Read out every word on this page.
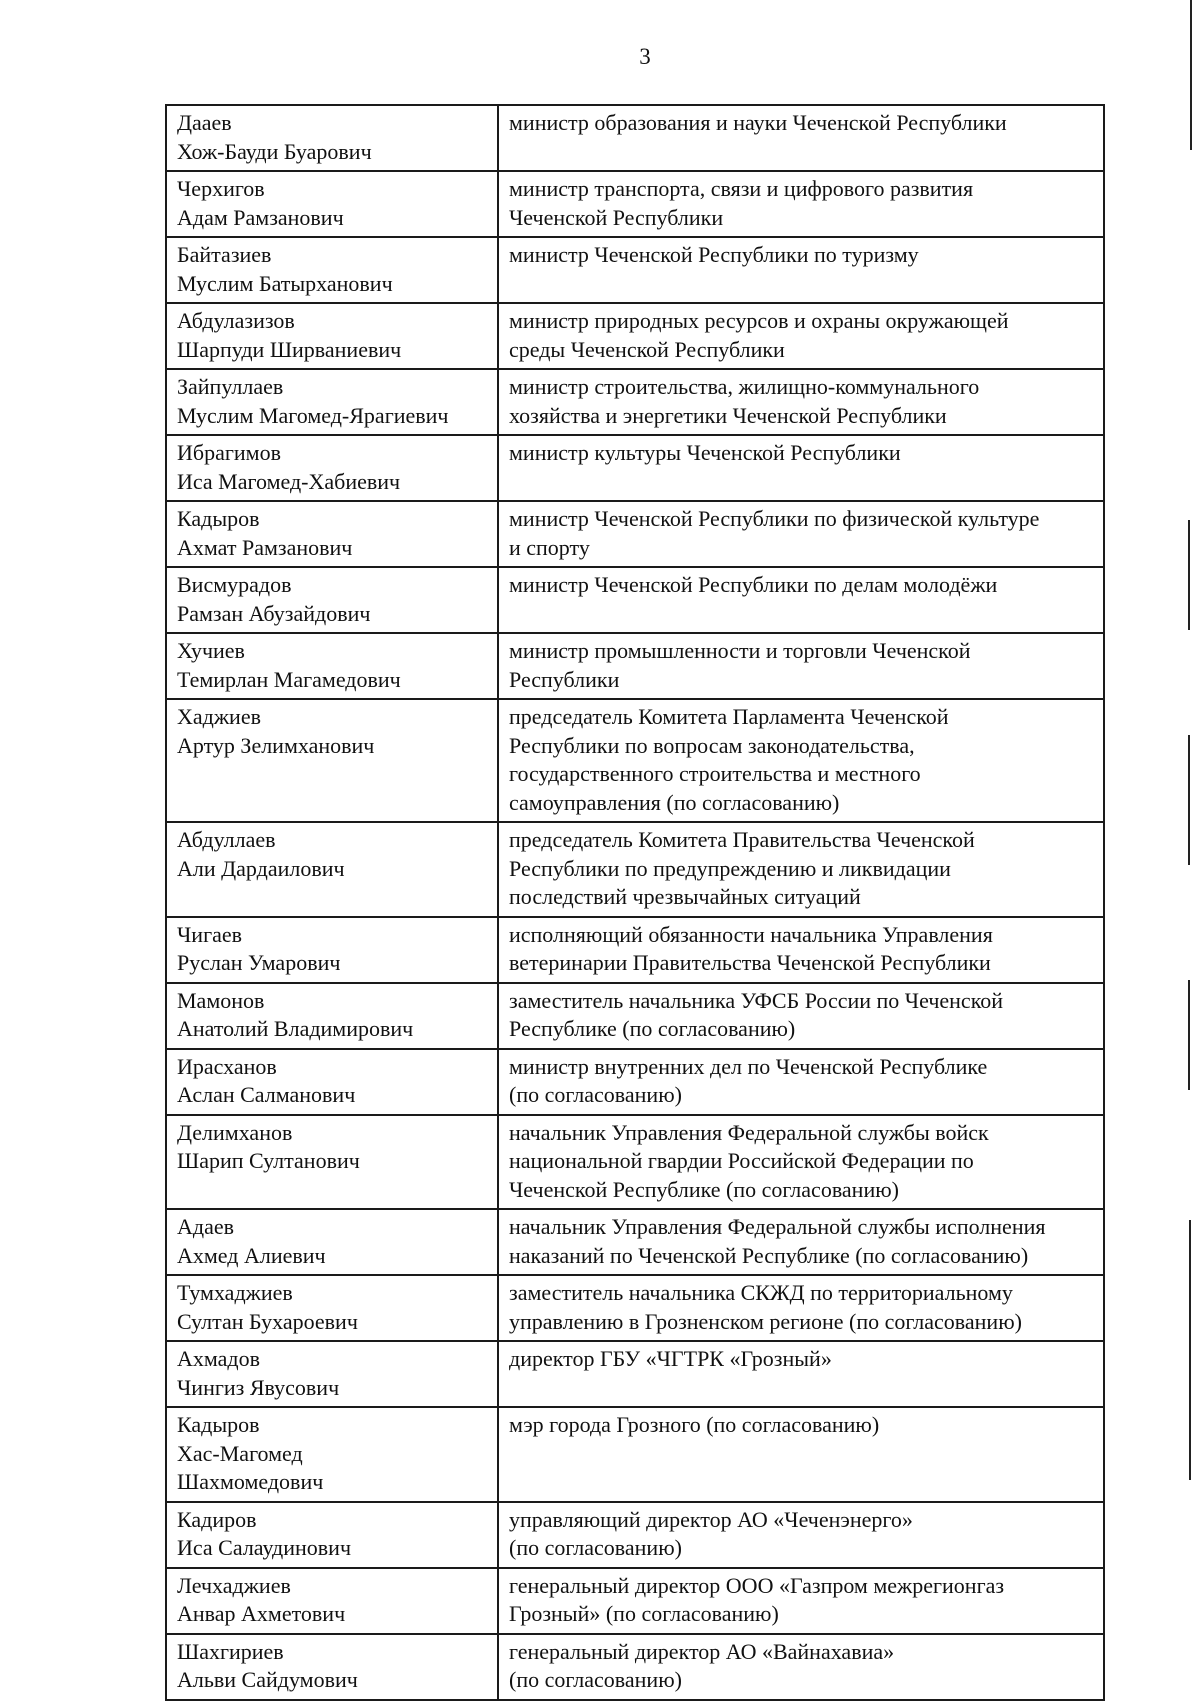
3
Даaeв
Хож-Бауди Буарович	министр образования и науки Чеченской Республики

Черхигов
Адам Рамзанович	министр транспорта, связи и цифрового развития
Чеченской Республики

Байтазиев
Муслим Батырханович	министр Чеченской Республики по туризму

Абдулазизов
Шарпуди Ширваниевич	министр природных ресурсов и охраны окружающей
среды Чеченской Республики

Зайпуллаев
Муслим Магомед-Ярагиевич	министр строительства, жилищно-коммунального
хозяйства и энергетики Чеченской Республики

Ибрагимов
Иса Магомед-Хабиевич	министр культуры Чеченской Республики

Кадыров
Ахмат Рамзанович	министр Чеченской Республики по физической культуре
и спорту

Висмурадов
Рамзан Абузайдович	министр Чеченской Республики по делам молодёжи

Хучиев
Темирлан Магамедович	министр промышленности и торговли Чеченской
Республики

Хаджиев
Артур Зелимханович	председатель Комитета Парламента Чеченской
Республики по вопросам законодательства,
государственного строительства и местного
самоуправления (по согласованию)

Абдуллаев
Али Дардаилович	председатель Комитета Правительства Чеченской
Республики по предупреждению и ликвидации
последствий чрезвычайных ситуаций

Чигаев
Руслан Умарович	исполняющий обязанности начальника Управления
ветеринарии Правительства Чеченской Республики

Мамонов
Анатолий Владимирович	заместитель начальника УФСБ России по Чеченской
Республике (по согласованию)

Ирасханов
Аслан Салманович	министр внутренних дел по Чеченской Республике
(по согласованию)

Делимханов
Шарип Султанович	начальник Управления Федеральной службы войск
национальной гвардии Российской Федерации по
Чеченской Республике (по согласованию)

Адаев
Ахмед Алиевич	начальник Управления Федеральной службы исполнения
наказаний по Чеченской Республике (по согласованию)

Тумхаджиев
Султан Бухароевич	заместитель начальника СКЖД по территориальному
управлению в Грозненском регионе (по согласованию)

Ахмадов
Чингиз Явусович	директор ГБУ «ЧГТРК «Грозный»

Кадыров
Хас-Магомед
Шахмомедович	мэр города Грозного (по согласованию)

Кадиров
Иса Салаудинович	управляющий директор АО «Чеченэнерго»
(по согласованию)

Лечхаджиев
Анвар Ахметович	генеральный директор ООО «Газпром межрегионгаз
Грозный» (по согласованию)

Шахгириев
Альви Сайдумович	генеральный директор АО «Вайнахавиа»
(по согласованию)
